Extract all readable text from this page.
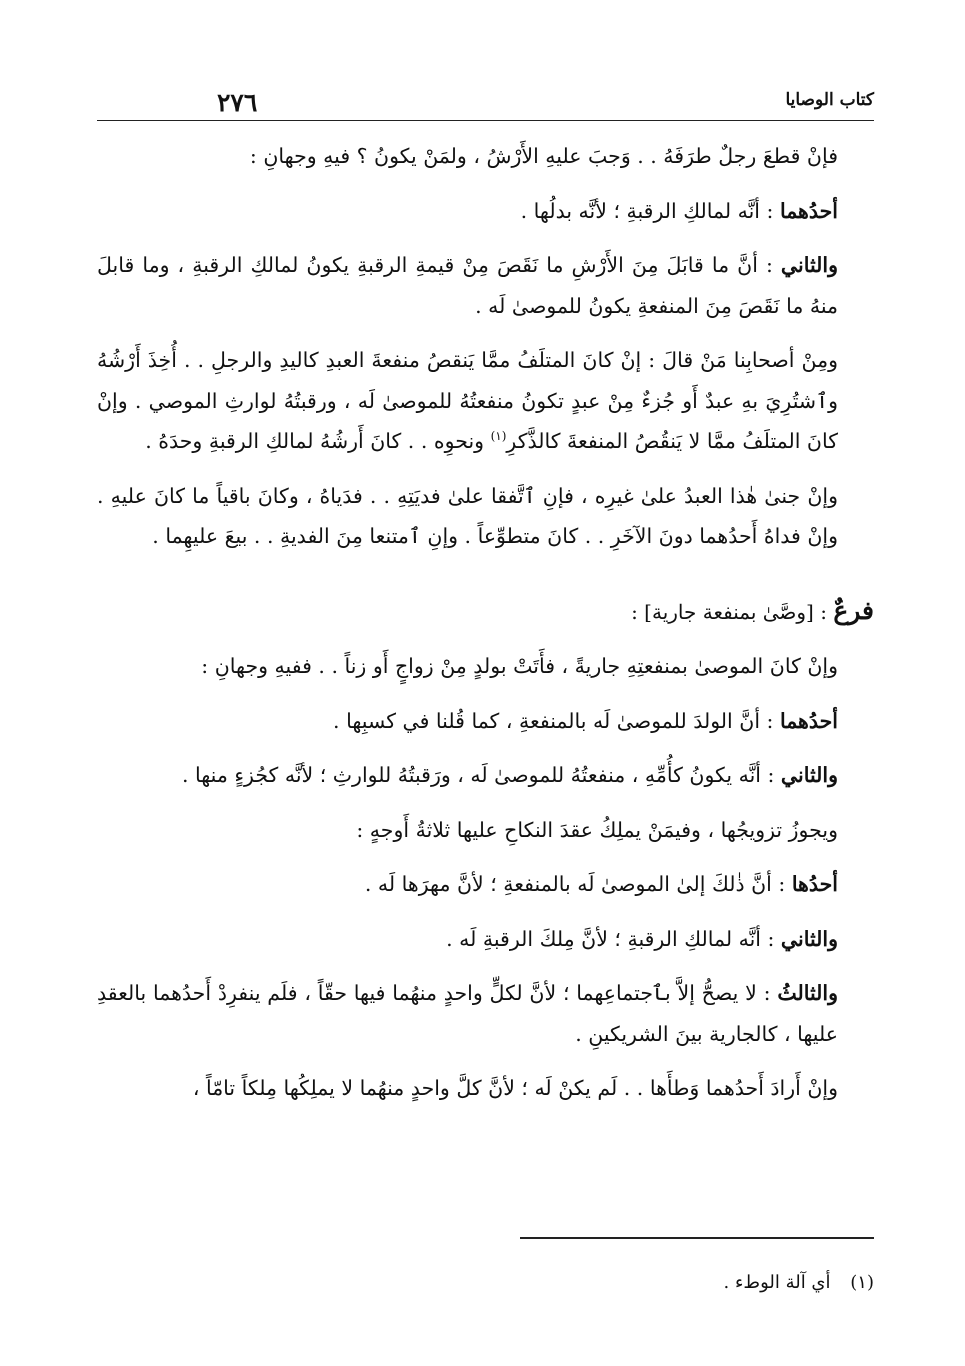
٢٧٦	كتاب الوصايا

فإنْ قطعَ رجلٌ طرَفَهُ . . وَجبَ عليهِ الأَرْشُ ، ولمَنْ يكونُ ؟ فيهِ وجهانِ :

أحدُهما : أنَّه لمالكِ الرقبةِ ؛ لأنَّه بدلُها .

والثاني : أنَّ ما قابَلَ مِنَ الأَرْشِ ما نَقَصَ مِنْ قيمةِ الرقبةِ يكونُ لمالكِ الرقبةِ ، وما قابلَ منهُ ما نَقَصَ مِنَ المنفعةِ يكونُ للموصىٰ لَه .

ومِنْ أصحابِنا مَنْ قالَ : إنْ كانَ المتلَفُ ممَّا يَنقصُ منفعةَ العبدِ كاليدِ والرجلِ . . أُخِذَ أَرْشُهُ وٱشتُرِيَ بهِ عبدٌ أَو جُزءٌ مِنْ عبدٍ تكونُ منفعتُهُ للموصىٰ لَه ، ورقبتُهُ لوارثِ الموصي . وإنْ كانَ المتلَفُ ممَّا لا يَنقُصُ المنفعةَ كالذَّكرِ$^{(١)}$ ونحوِه . . كانَ أَرشُهُ لمالكِ الرقبةِ وحدَهُ .

وإنْ جنىٰ هٰذا العبدُ علىٰ غيرِه ، فإنِ ٱتَّفقا علىٰ فديَتِهِ . . فدَياهُ ، وكانَ باقياً ما كانَ عليهِ . وإنْ فداهُ أَحدُهما دونَ الآخَرِ . . كانَ متطوِّعاً . وإنِ ٱمتنعا مِنَ الفديةِ . . بيعَ عليهِما .

فرعٌ : [وصَّىٰ بمنفعة جارية] :

وإنْ كانَ الموصىٰ بمنفعتِهِ جاريةً ، فأَتَتْ بولدٍ مِنْ زواجٍ أَو زناً . . ففيهِ وجهانِ :

أحدُهما : أنَّ الولدَ للموصىٰ لَه بالمنفعةِ ، كما قُلنا في كسبِها .

والثاني : أنَّه يكونُ كأُمِّهِ ، منفعتُهُ للموصىٰ لَه ، ورَقبتُهُ للوارثِ ؛ لأنَّه كجُزءٍ منها .

ويجوزُ تزويجُها ، وفيمَنْ يملِكُ عقدَ النكاحِ عليها ثلاثةُ أَوجهٍ :

أحدُها : أنَّ ذٰلكَ إلىٰ الموصىٰ لَه بالمنفعةِ ؛ لأنَّ مهرَها لَه .

والثاني : أنَّه لمالكِ الرقبةِ ؛ لأنَّ مِلكَ الرقبةِ لَه .

والثالثُ : لا يصحُّ إلاَّ بٱجتماعِهما ؛ لأنَّ لكلٍّ واحدٍ منهُما فيها حقّاً ، فلَم ينفرِدْ أَحدُهما بالعقدِ عليها ، كالجارية بينَ الشريكينِ .

وإنْ أَرادَ أَحدُهما وَطأَها . . لَم يكنْ لَه ؛ لأنَّ كلَّ واحدٍ منهُما لا يملِكُها مِلكاً تامّاً ،

(١) أي آلة الوطء .
